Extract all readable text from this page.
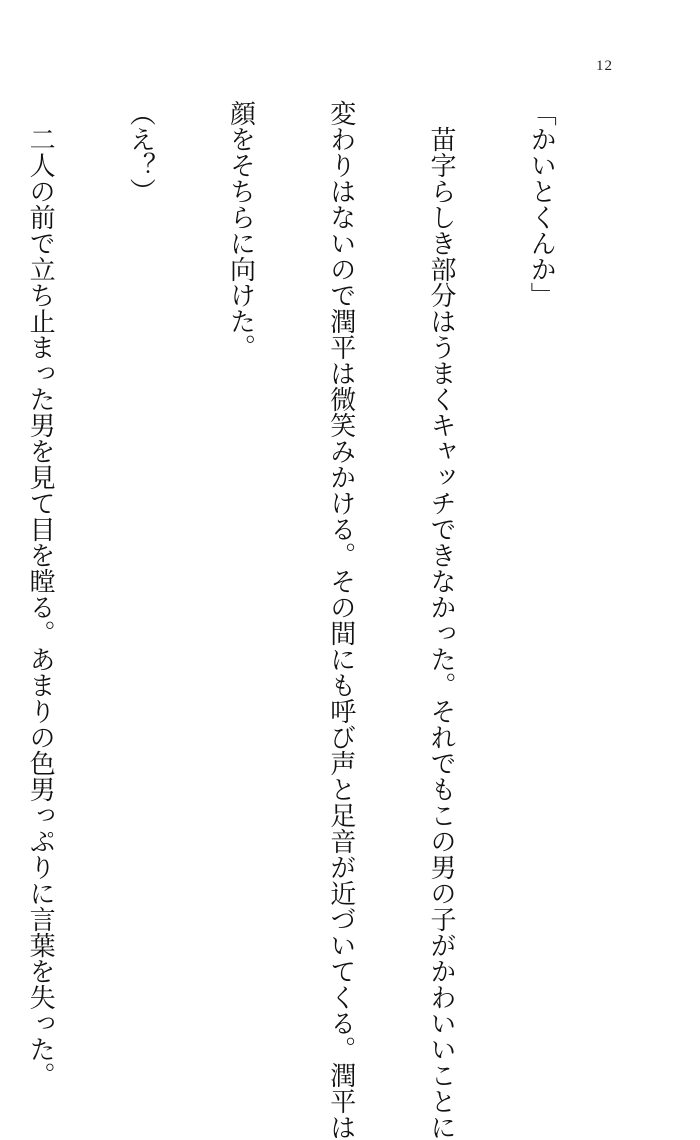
12

「かいとくんか」

　苗字らしき部分はうまくキャッチできなかった。それでもこの男の子がかわいいことに

変わりはないので潤平は微笑みかける。その間にも呼び声と足音が近づいてくる。潤平は

顔をそちらに向けた。

（え？）

　二人の前で立ち止まった男を見て目を瞠る。あまりの色男っぷりに言葉を失った。
